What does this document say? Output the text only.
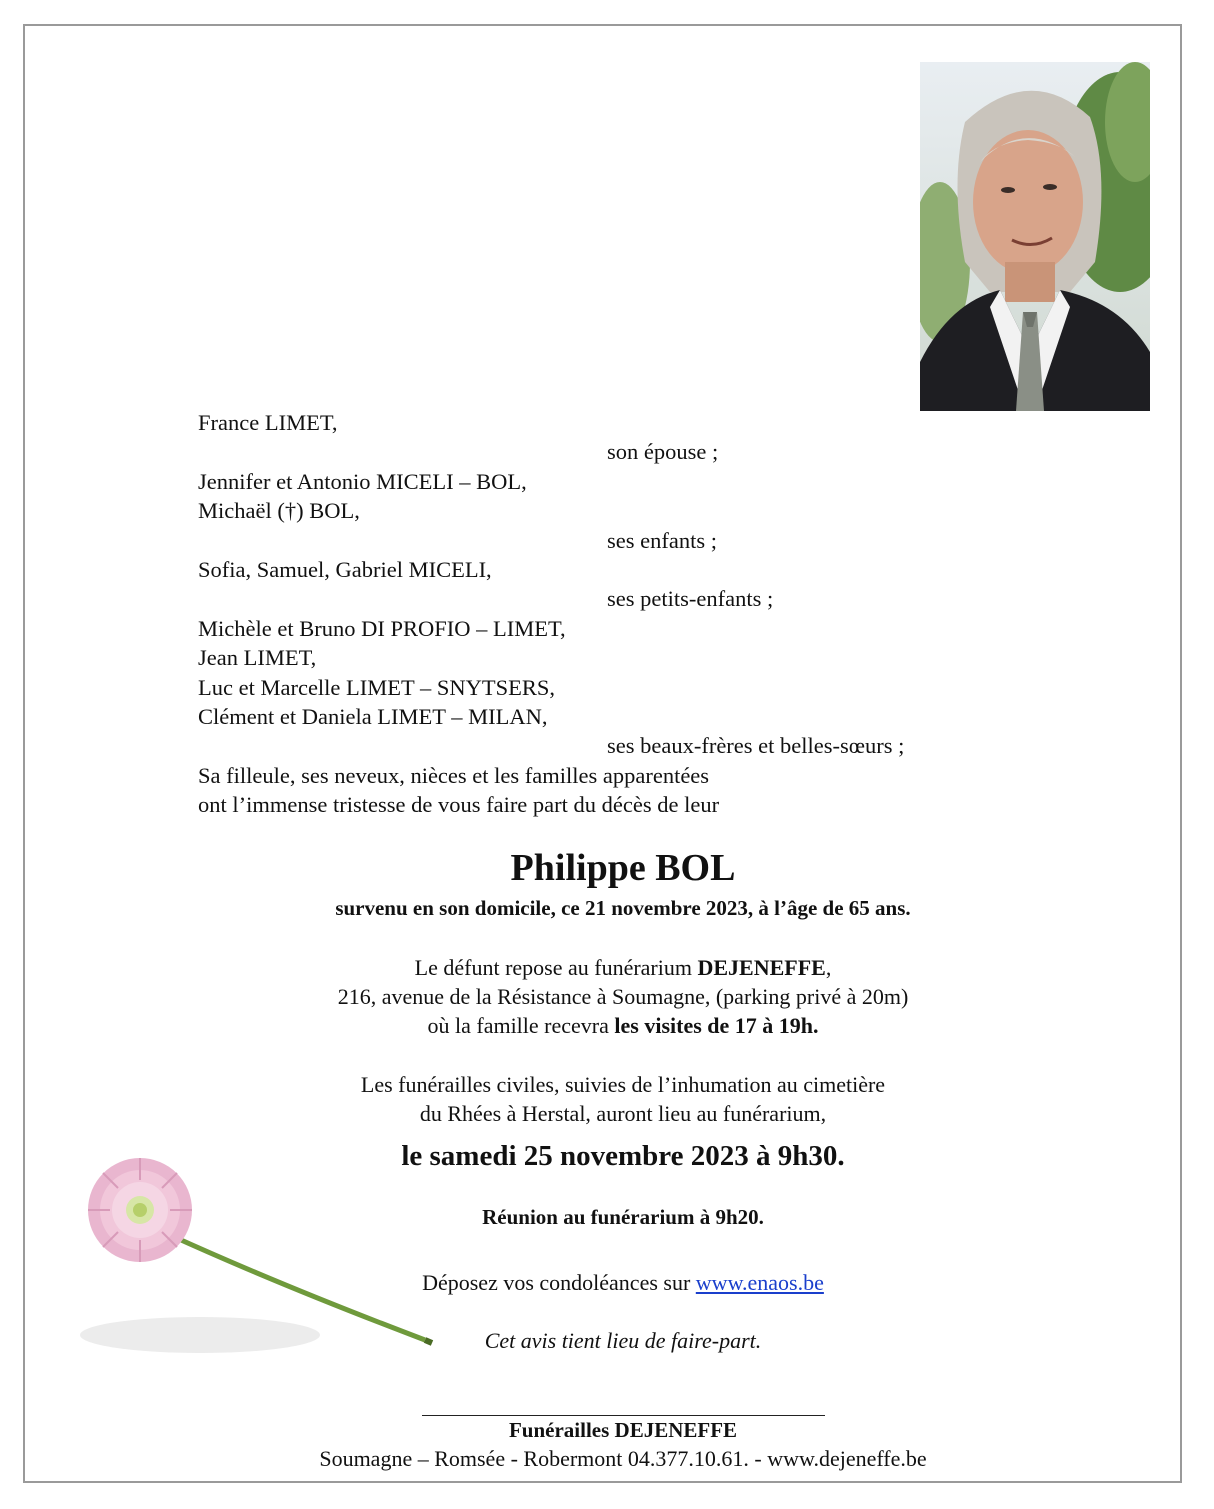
France LIMET,
son épouse ;
Jennifer et Antonio MICELI – BOL,
Michaël (†) BOL,
ses enfants ;
Sofia, Samuel, Gabriel MICELI,
ses petits-enfants ;
Michèle et Bruno DI PROFIO – LIMET,
Jean LIMET,
Luc et Marcelle LIMET – SNYTSERS,
Clément et Daniela LIMET – MILAN,
ses beaux-frères et belles-sœurs ;
Sa filleule, ses neveux, nièces et les familles apparentées
ont l’immense tristesse de vous faire part du décès de leur
Philippe BOL
survenu en son domicile, ce 21 novembre 2023, à l’âge de 65 ans.
Le défunt repose au funérarium DEJENEFFE,
216, avenue de la Résistance à Soumagne, (parking privé à 20m)
où la famille recevra les visites de 17 à 19h.
Les funérailles civiles, suivies de l’inhumation au cimetière
du Rhées à Herstal, auront lieu au funérarium,
le samedi 25 novembre 2023 à 9h30.
Réunion au funérarium à 9h20.
Déposez vos condoléances sur www.enaos.be
Cet avis tient lieu de faire-part.
Funérailles DEJENEFFE
Soumagne – Romsée - Robermont 04.377.10.61. - www.dejeneffe.be
